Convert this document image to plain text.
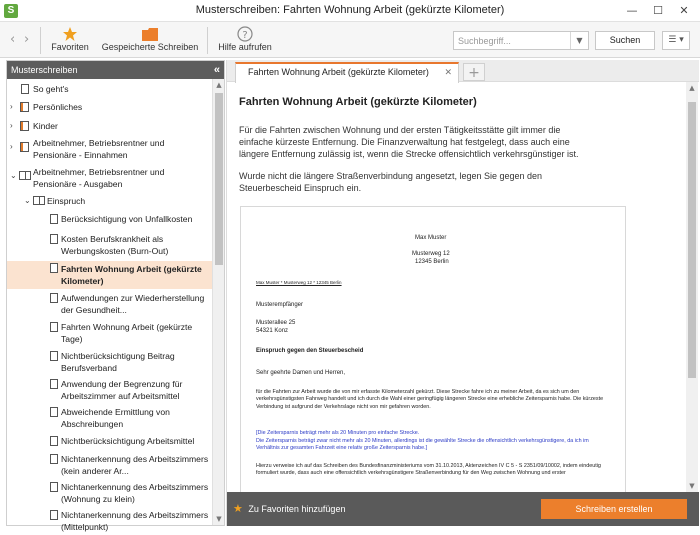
S	Musterschreiben: Fahrten Wohnung Arbeit (gekürzte Kilometer)	—	☐	✕
‹ ›	Favoriten	Gespeicherte Schreiben
?
Hilfe aufrufen
Suchbegriff...
▼	Suchen	☰ ▾
Musterschreiben	«
So geht's
›	Persönliches
›	Kinder
›	Arbeitnehmer, Betriebsrentner und Pensionäre - Einnahmen
⌄ Arbeitnehmer, Betriebsrentner und Pensionäre - Ausgaben
⌄ Einspruch
Berücksichtigung von Unfallkosten
Kosten Berufskrankheit als Werbungskosten (Burn-Out)
Fahrten Wohnung Arbeit (gekürzte Kilometer)
Aufwendungen zur Wiederherstellung der Gesundheit...
Fahrten Wohnung Arbeit (gekürzte Tage)
Nichtberücksichtigung Beitrag Berufsverband
Anwendung der Begrenzung für Arbeitszimmer auf Arbeitsmittel
Abweichende Ermittlung von Abschreibungen
Nichtberücksichtigung Arbeitsmittel
Nichtanerkennung des Arbeitszimmers (kein anderer Ar...
Nichtanerkennung des Arbeitszimmers (Wohnung zu klein)
Nichtanerkennung des Arbeitszimmers (Mittelpunkt)
▲
▼
Fahrten Wohnung Arbeit (gekürzte Kilometer) ✕	+
Fahrten Wohnung Arbeit (gekürzte Kilometer)
Für die Fahrten zwischen Wohnung und der ersten Tätigkeitsstätte gilt immer die einfache kürzeste Entfernung. Die Finanzverwaltung hat festgelegt, dass auch eine längere Entfernung zulässig ist, wenn die Strecke offensichtlich verkehrsgünstiger ist.
Wurde nicht die längere Straßenverbindung angesetzt, legen Sie gegen den Steuerbescheid Einspruch ein.
Max Muster
Musterweg 12
12345 Berlin
Max Muster * Musterweg 12 * 12345 Berlin
Musterempfänger
Musterallee 25
54321 Konz
Einspruch gegen den Steuerbescheid
Sehr geehrte Damen und Herren,
für die Fahrten zur Arbeit wurde die von mir erfasste Kilometerzahl gekürzt. Diese Strecke fahre ich zu meiner Arbeit, da es sich um den verkehrsgünstigsten Fahrweg handelt und ich durch die Wahl einer geringfügig längeren Strecke eine erhebliche Zeitersparnis habe. Die kürzeste Verbindung ist aufgrund der Verkehrslage nicht von mir gefahren worden.
[Die Zeitersparnis beträgt mehr als 20 Minuten pro einfache Strecke.
Die Zeitersparnis beträgt zwar nicht mehr als 20 Minuten, allerdings ist die gewählte Strecke die offensichtlich verkehrsgünstigere, da ich im Verhältnis zur gesamten Fahrzeit eine relativ große Zeitersparnis habe.]
Hierzu verweise ich auf das Schreiben des Bundesfinanzministeriums vom 31.10.2013, Aktenzeichen IV C 5 - S 2351/09/10002, indem eindeutig formuliert wurde, dass auch eine offensichtlich verkehrsgünstigere Straßenverbindung für den Weg zwischen Wohnung und erster
▲
▼
★ Zu Favoriten hinzufügen	Schreiben erstellen
